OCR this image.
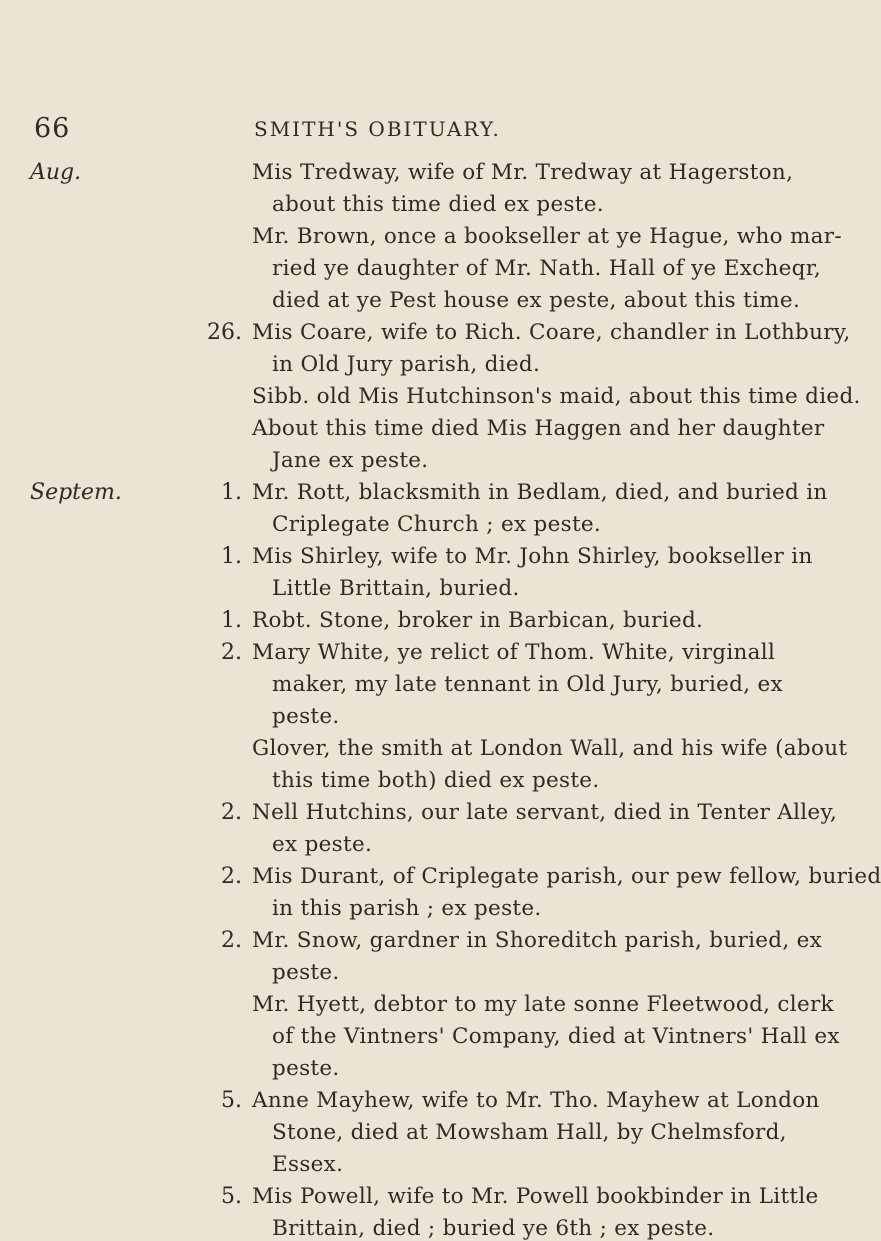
66	SMITH'S OBITUARY.
Aug.	Mis Tredway, wife of Mr. Tredway at Hagerston,
about this time died ex peste.
Mr. Brown, once a bookseller at ye Hague, who mar-
ried ye daughter of Mr. Nath. Hall of ye Excheqr,
died at ye Pest house ex peste, about this time.
26. Mis Coare, wife to Rich. Coare, chandler in Lothbury,
in Old Jury parish, died.
Sibb. old Mis Hutchinson's maid, about this time died.
About this time died Mis Haggen and her daughter
Jane ex peste.
Septem.	1. Mr. Rott, blacksmith in Bedlam, died, and buried in
Criplegate Church ; ex peste.
1. Mis Shirley, wife to Mr. John Shirley, bookseller in
Little Brittain, buried.
1. Robt. Stone, broker in Barbican, buried.
2. Mary White, ye relict of Thom. White, virginall
maker, my late tennant in Old Jury, buried, ex
peste.
Glover, the smith at London Wall, and his wife (about
this time both) died ex peste.
2. Nell Hutchins, our late servant, died in Tenter Alley,
ex peste.
2. Mis Durant, of Criplegate parish, our pew fellow, buried
in this parish ; ex peste.
2. Mr. Snow, gardner in Shoreditch parish, buried, ex
peste.
Mr. Hyett, debtor to my late sonne Fleetwood, clerk
of the Vintners' Company, died at Vintners' Hall ex
peste.
5. Anne Mayhew, wife to Mr. Tho. Mayhew at London
Stone, died at Mowsham Hall, by Chelmsford,
Essex.
5. Mis Powell, wife to Mr. Powell bookbinder in Little
Brittain, died ; buried ye 6th ; ex peste.
